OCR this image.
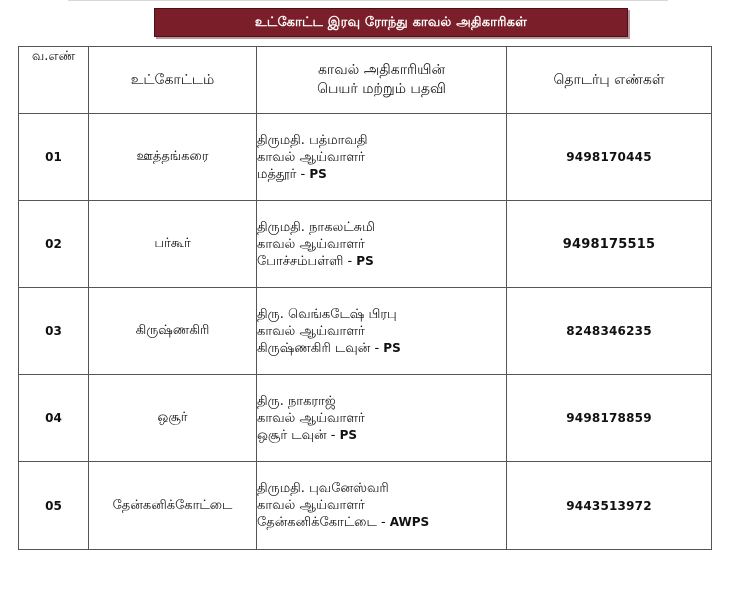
உட்கோட்ட இரவு ரோந்து காவல் அதிகாரிகள்
வ.எண்	உட்கோட்டம்	காவல் அதிகாரியின்
பெயர் மற்றும் பதவி	தொடர்பு எண்கள்
01	ஊத்தங்கரை	திருமதி. பத்மாவதி
காவல் ஆய்வாளர்
மத்தூர் - PS	9498170445
02	பர்கூர்	திருமதி. நாகலட்சுமி
காவல் ஆய்வாளர்
போச்சம்பள்ளி - PS	9498175515
03	கிருஷ்ணகிரி	திரு. வெங்கடேஷ் பிரபு
காவல் ஆய்வாளர்
கிருஷ்ணகிரி டவுன் - PS	8248346235
04	ஒசூர்	திரு. நாகராஜ்
காவல் ஆய்வாளர்
ஒசூர் டவுன் - PS	9498178859
05	தேன்கனிக்கோட்டை	திருமதி. புவனேஸ்வரி
காவல் ஆய்வாளர்
தேன்கனிக்கோட்டை - AWPS	9443513972
